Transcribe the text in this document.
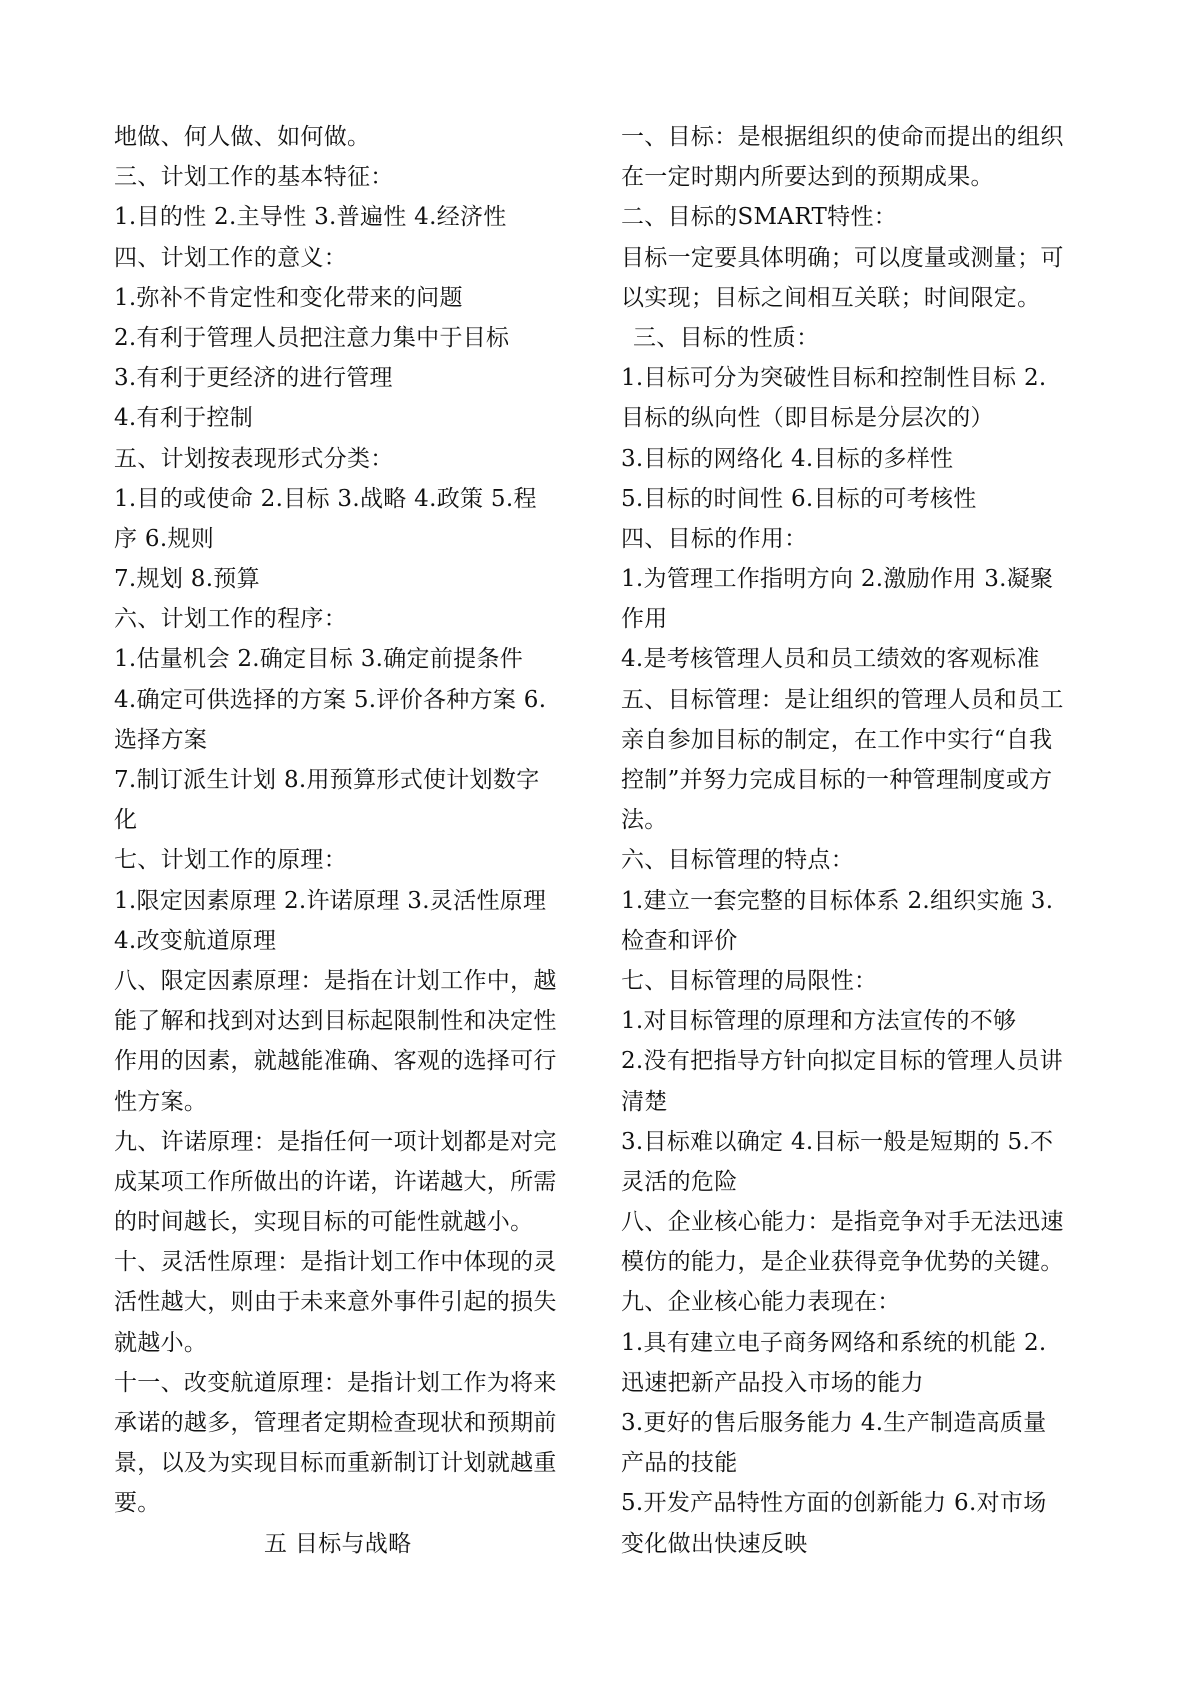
地做、何人做、如何做。
三、计划工作的基本特征：
1.目的性 2.主导性 3.普遍性 4.经济性
四、计划工作的意义：
1.弥补不肯定性和变化带来的问题
2.有利于管理人员把注意力集中于目标
3.有利于更经济的进行管理
4.有利于控制
五、计划按表现形式分类：
1.目的或使命 2.目标 3.战略 4.政策 5.程
序 6.规则
7.规划 8.预算
六、计划工作的程序：
1.估量机会 2.确定目标 3.确定前提条件
4.确定可供选择的方案 5.评价各种方案 6.
选择方案
7.制订派生计划 8.用预算形式使计划数字
化
七、计划工作的原理：
1.限定因素原理 2.许诺原理 3.灵活性原理
4.改变航道原理
八、限定因素原理：是指在计划工作中，越
能了解和找到对达到目标起限制性和决定性
作用的因素，就越能准确、客观的选择可行
性方案。
九、许诺原理：是指任何一项计划都是对完
成某项工作所做出的许诺，许诺越大，所需
的时间越长，实现目标的可能性就越小。
十、灵活性原理：是指计划工作中体现的灵
活性越大，则由于未来意外事件引起的损失
就越小。
十一、改变航道原理：是指计划工作为将来
承诺的越多，管理者定期检查现状和预期前
景，以及为实现目标而重新制订计划就越重
要。
五 目标与战略
一、目标：是根据组织的使命而提出的组织
在一定时期内所要达到的预期成果。
二、目标的SMART特性：
目标一定要具体明确；可以度量或测量；可
以实现；目标之间相互关联；时间限定。
三、目标的性质：
1.目标可分为突破性目标和控制性目标 2.
目标的纵向性（即目标是分层次的）
3.目标的网络化 4.目标的多样性
5.目标的时间性 6.目标的可考核性
四、目标的作用：
1.为管理工作指明方向 2.激励作用 3.凝聚
作用
4.是考核管理人员和员工绩效的客观标准
五、目标管理：是让组织的管理人员和员工
亲自参加目标的制定，在工作中实行“自我
控制”并努力完成目标的一种管理制度或方
法。
六、目标管理的特点：
1.建立一套完整的目标体系 2.组织实施 3.
检查和评价
七、目标管理的局限性：
1.对目标管理的原理和方法宣传的不够
2.没有把指导方针向拟定目标的管理人员讲
清楚
3.目标难以确定 4.目标一般是短期的 5.不
灵活的危险
八、企业核心能力：是指竞争对手无法迅速
模仿的能力，是企业获得竞争优势的关键。
九、企业核心能力表现在：
1.具有建立电子商务网络和系统的机能 2.
迅速把新产品投入市场的能力
3.更好的售后服务能力 4.生产制造高质量
产品的技能
5.开发产品特性方面的创新能力 6.对市场
变化做出快速反映
